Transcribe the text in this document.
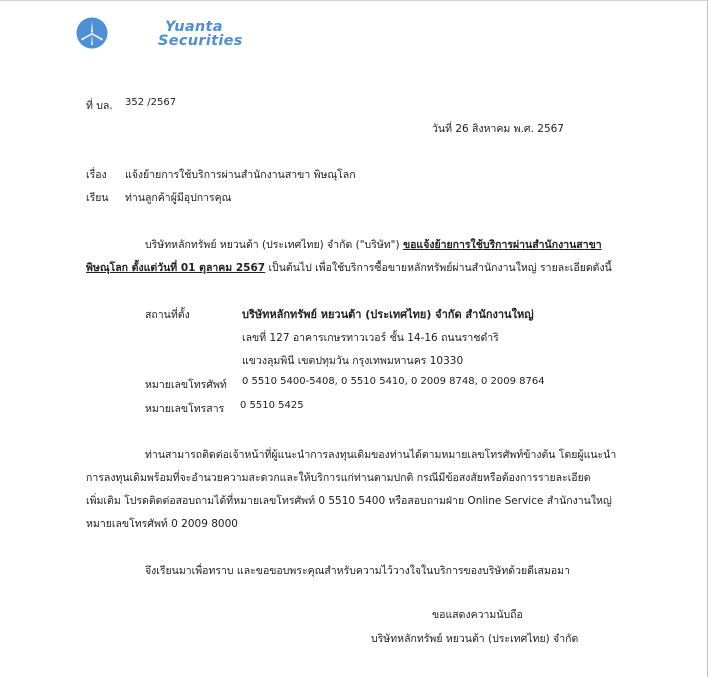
Yuanta
Securities
ที่ บล. 352 /2567
วันที่ 26 สิงหาคม พ.ศ. 2567
เรื่อง แจ้งย้ายการใช้บริการผ่านสำนักงานสาขา พิษณุโลก
เรียน ท่านลูกค้าผู้มีอุปการคุณ
บริษัทหลักทรัพย์ หยวนต้า (ประเทศไทย) จำกัด ("บริษัท") ขอแจ้งย้ายการใช้บริการผ่านสำนักงานสาขา
พิษณุโลก ตั้งแต่วันที่ 01 ตุลาคม 2567 เป็นต้นไป เพื่อใช้บริการซื้อขายหลักทรัพย์ผ่านสำนักงานใหญ่ รายละเอียดดังนี้
สถานที่ตั้ง	บริษัทหลักทรัพย์ หยวนต้า (ประเทศไทย) จำกัด สำนักงานใหญ่
เลขที่ 127 อาคารเกษรทาวเวอร์ ชั้น 14-16 ถนนราชดำริ
แขวงลุมพินี เขตปทุมวัน กรุงเทพมหานคร 10330
หมายเลขโทรศัพท์ 0 5510 5400-5408, 0 5510 5410, 0 2009 8748, 0 2009 8764
หมายเลขโทรสาร 0 5510 5425
ท่านสามารถติดต่อเจ้าหน้าที่ผู้แนะนำการลงทุนเดิมของท่านได้ตามหมายเลขโทรศัพท์ข้างต้น โดยผู้แนะนำ
การลงทุนเดิมพร้อมที่จะอำนวยความสะดวกและให้บริการแก่ท่านตามปกติ กรณีมีข้อสงสัยหรือต้องการรายละเอียด
เพิ่มเติม โปรดติดต่อสอบถามได้ที่หมายเลขโทรศัพท์ 0 5510 5400 หรือสอบถามฝ่าย Online Service สำนักงานใหญ่
หมายเลขโทรศัพท์ 0 2009 8000
จึงเรียนมาเพื่อทราบ และขอขอบพระคุณสำหรับความไว้วางใจในบริการของบริษัทด้วยดีเสมอมา
ขอแสดงความนับถือ
บริษัทหลักทรัพย์ หยวนต้า (ประเทศไทย) จำกัด
